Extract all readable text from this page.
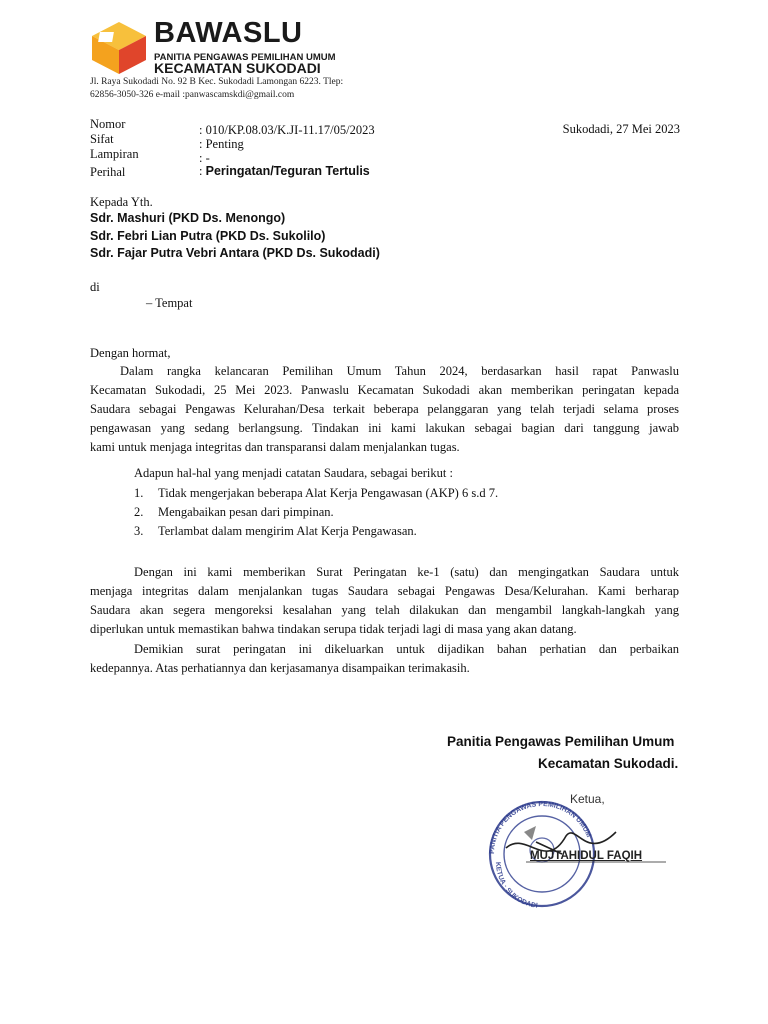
BAWASLU
PANITIA PENGAWAS PEMILIHAN UMUM
KECAMATAN SUKODADI
Jl. Raya Sukodadi No. 92 B Kec. Sukodadi Lamongan 6223. Tlep:
62856-3050-326 e-mail :panwascamskdi@gmail.com
Nomor	: 010/KP.08.03/K.JI-11.17/05/2023
Sifat	: Penting
Lampiran	: -
Perihal	: Peringatan/Teguran Tertulis
Sukodadi, 27 Mei 2023
Kepada Yth.
Sdr. Mashuri (PKD Ds. Menongo)
Sdr. Febri Lian Putra (PKD Ds. Sukolilo)
Sdr. Fajar Putra Vebri Antara (PKD Ds. Sukodadi)
di
– Tempat
Dengan hormat,
Dalam rangka kelancaran Pemilihan Umum Tahun 2024, berdasarkan hasil rapat Panwaslu
Kecamatan Sukodadi, 25 Mei 2023. Panwaslu Kecamatan Sukodadi akan memberikan peringatan kepada
Saudara sebagai Pengawas Kelurahan/Desa terkait beberapa pelanggaran yang telah terjadi selama proses
pengawasan yang sedang berlangsung. Tindakan ini kami lakukan sebagai bagian dari tanggung jawab
kami untuk menjaga integritas dan transparansi dalam menjalankan tugas.
Adapun hal-hal yang menjadi catatan Saudara, sebagai berikut :
1. Tidak mengerjakan beberapa Alat Kerja Pengawasan (AKP) 6 s.d 7.
2. Mengabaikan pesan dari pimpinan.
3. Terlambat dalam mengirim Alat Kerja Pengawasan.
Dengan ini kami memberikan Surat Peringatan ke-1 (satu) dan mengingatkan Saudara untuk
menjaga integritas dalam menjalankan tugas Saudara sebagai Pengawas Desa/Kelurahan. Kami berharap
Saudara akan segera mengoreksi kesalahan yang telah dilakukan dan mengambil langkah-langkah yang
diperlukan untuk memastikan bahwa tindakan serupa tidak terjadi lagi di masa yang akan datang.
Demikian surat peringatan ini dikeluarkan untuk dijadikan bahan perhatian dan perbaikan
kedepannya. Atas perhatiannya dan kerjasamanya disampaikan terimakasih.
Panitia Pengawas Pemilihan Umum
Kecamatan Sukodadi.
PANITIA PENGAWAS PEMILIHAN UMUM
KETUA · SUKODADI
Ketua,
MUJTAHIDUL FAQIH
